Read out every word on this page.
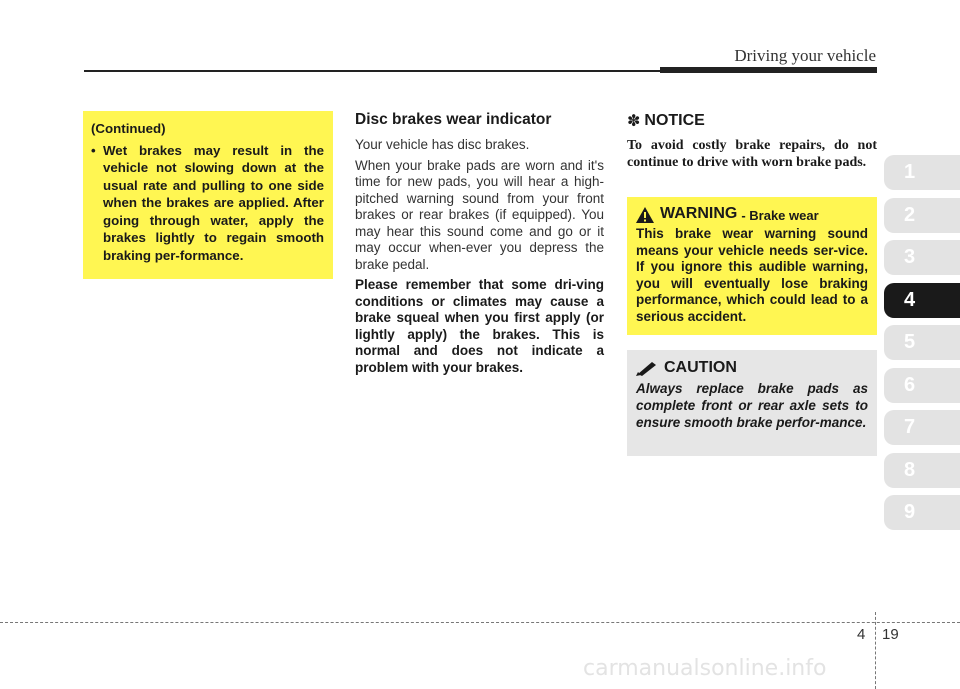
Driving your vehicle
(Continued)
• Wet brakes may result in the vehicle not slowing down at the usual rate and pulling to one side when the brakes are applied. After going through water, apply the brakes lightly to regain smooth braking per-formance.
Disc brakes wear indicator

Your vehicle has disc brakes.

When your brake pads are worn and it's time for new pads, you will hear a high-pitched warning sound from your front brakes or rear brakes (if equipped). You may hear this sound come and go or it may occur when-ever you depress the brake pedal.

Please remember that some dri-ving conditions or climates may cause a brake squeal when you first apply (or lightly apply) the brakes. This is normal and does not indicate a problem with your brakes.

✽ NOTICE

To avoid costly brake repairs, do not continue to drive with worn brake pads.

WARNING - Brake wear

This brake wear warning sound means your vehicle needs ser-vice. If you ignore this audible warning, you will eventually lose braking performance, which could lead to a serious accident.

CAUTION

Always replace brake pads as complete front or rear axle sets to ensure smooth brake perfor-mance.

1
2
3
4
5
6
7
8
9
4 19
carmanualsonline.info
